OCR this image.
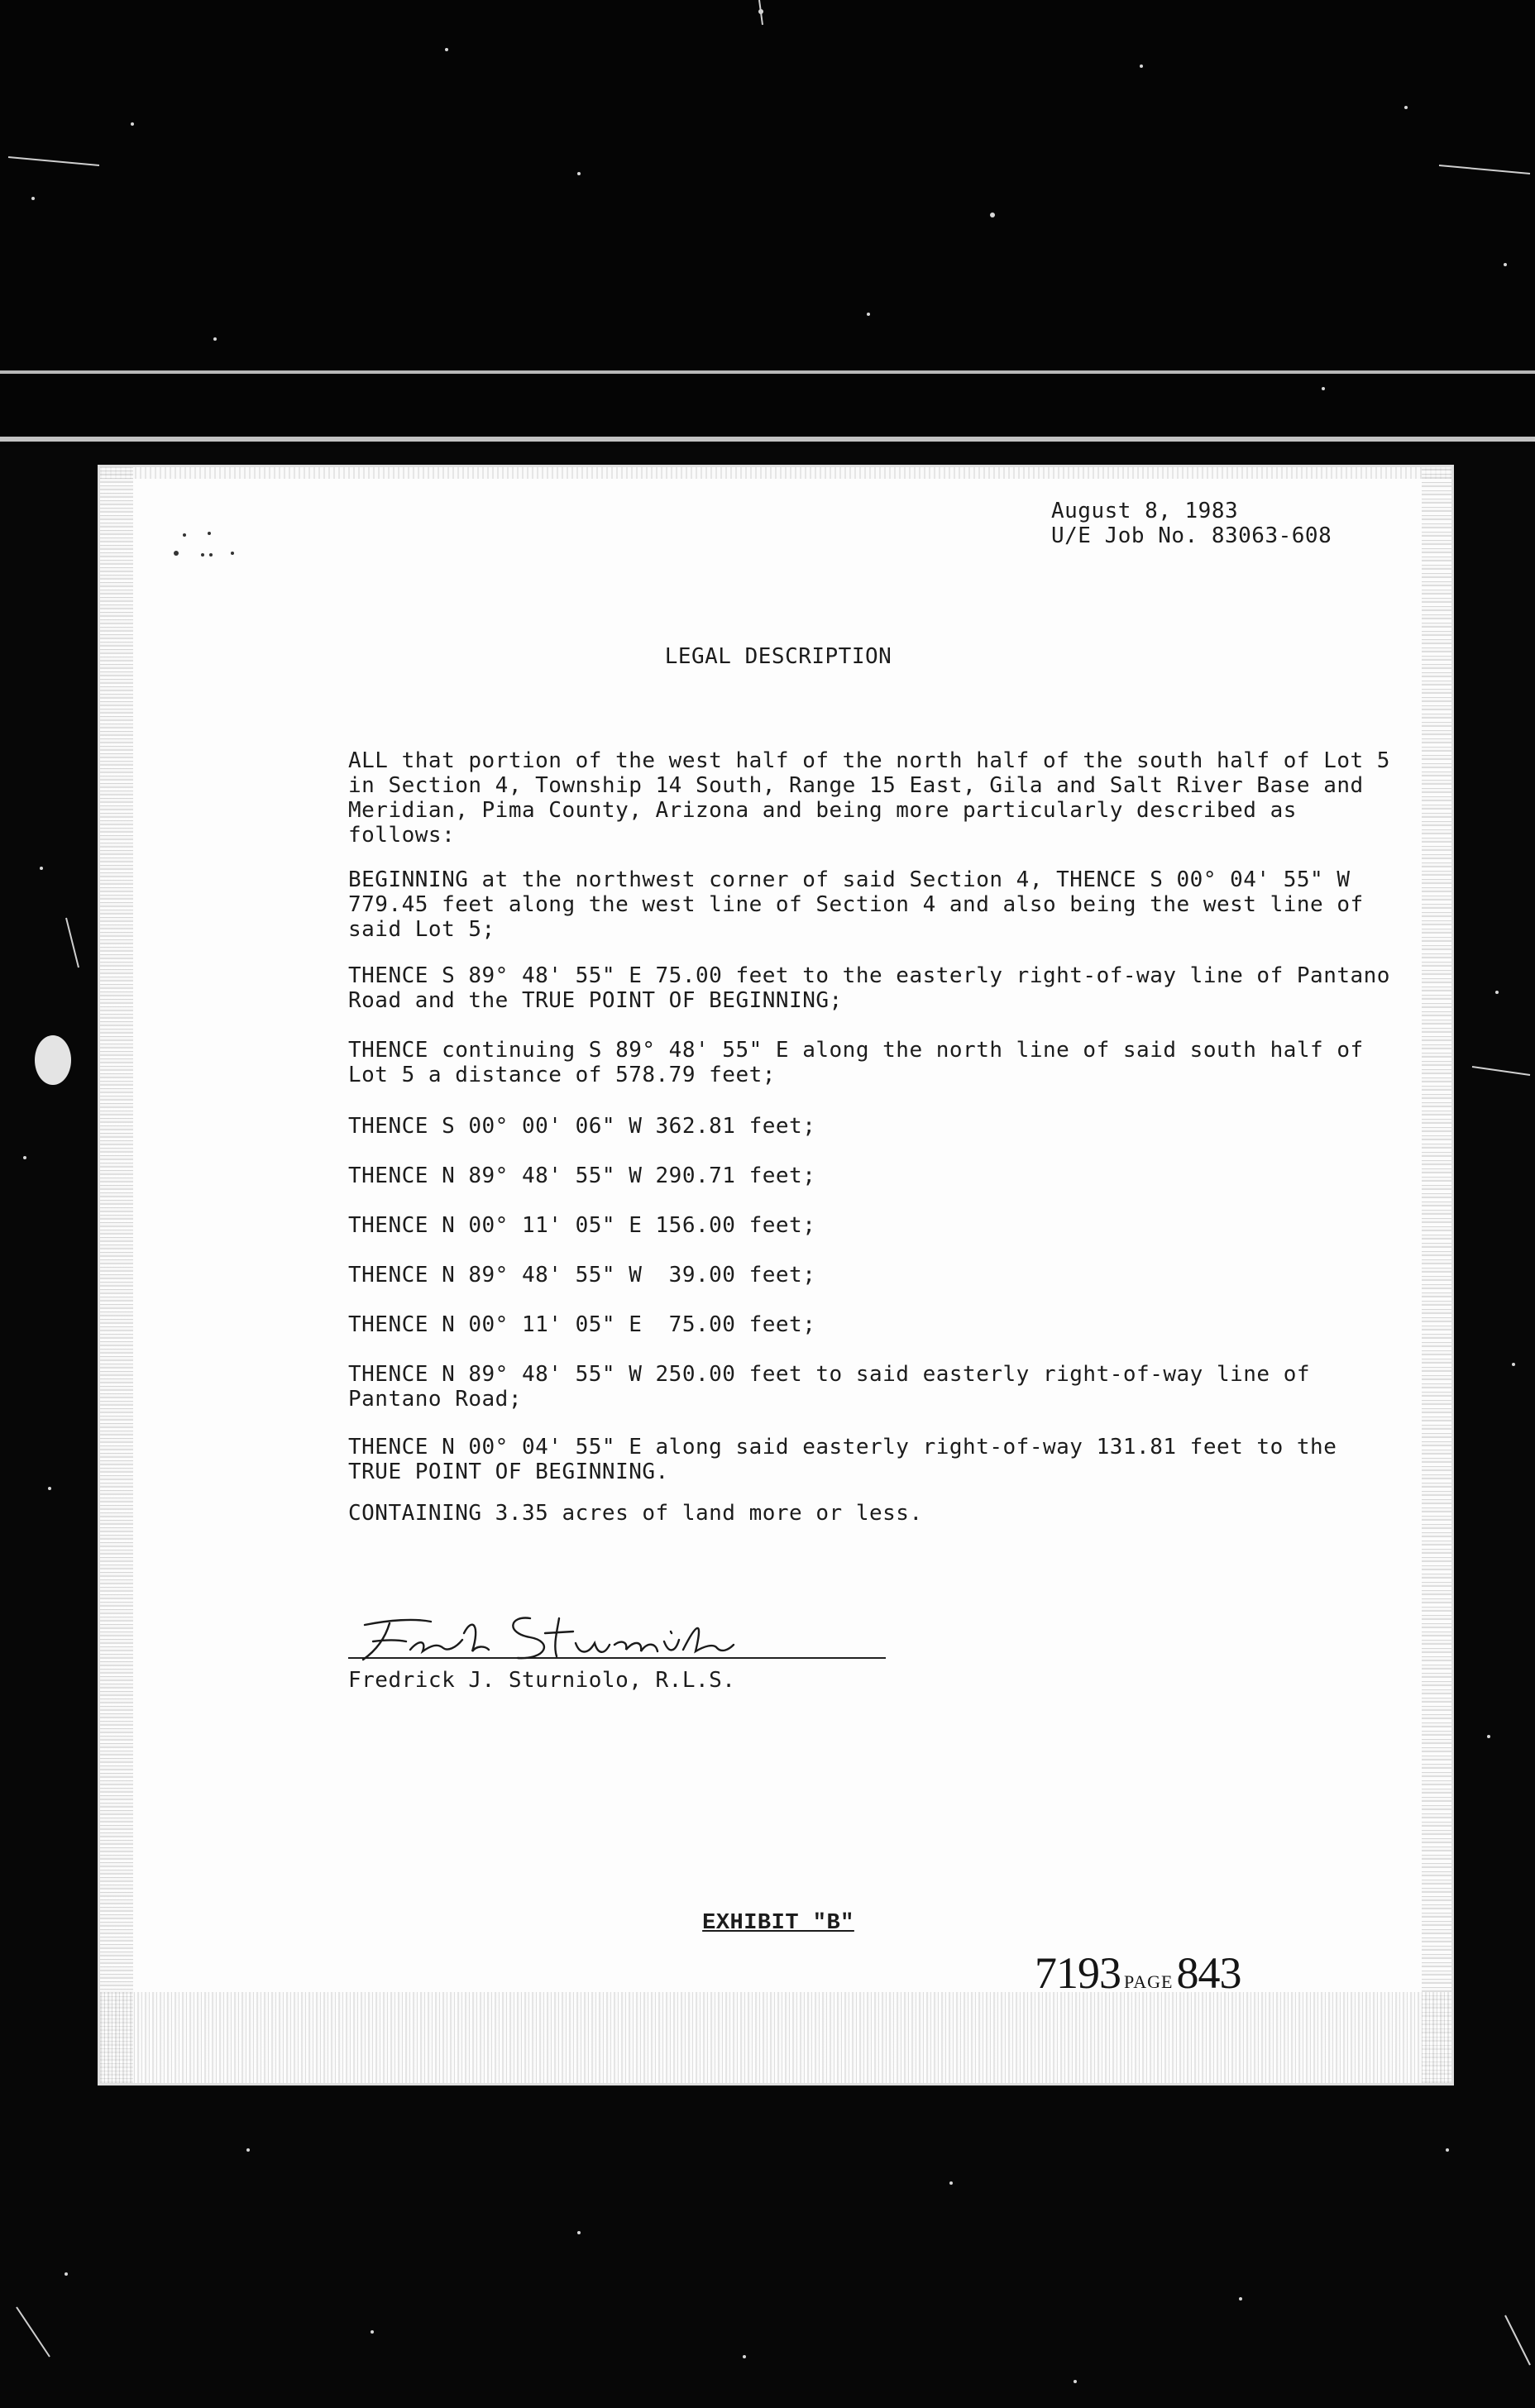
August 8, 1983
U/E Job No. 83063-608
LEGAL DESCRIPTION
ALL that portion of the west half of the north half of the south half of Lot 5 in Section 4, Township 14 South, Range 15 East, Gila and Salt River Base and Meridian, Pima County, Arizona and being more particularly described as follows:
BEGINNING at the northwest corner of said Section 4, THENCE S 00° 04' 55" W 779.45 feet along the west line of Section 4 and also being the west line of said Lot 5;
THENCE S 89° 48' 55" E 75.00 feet to the easterly right-of-way line of Pantano Road and the TRUE POINT OF BEGINNING;
THENCE continuing S 89° 48' 55" E along the north line of said south half of Lot 5 a distance of 578.79 feet;
THENCE S 00° 00' 06" W 362.81 feet;
THENCE N 89° 48' 55" W 290.71 feet;
THENCE N 00° 11' 05" E 156.00 feet;
THENCE N 89° 48' 55" W  39.00 feet;
THENCE N 00° 11' 05" E  75.00 feet;
THENCE N 89° 48' 55" W 250.00 feet to said easterly right-of-way line of Pantano Road;
THENCE N 00° 04' 55" E along said easterly right-of-way 131.81 feet to the TRUE POINT OF BEGINNING.
CONTAINING 3.35 acres of land more or less.
Fredrick J. Sturniolo, R.L.S.
EXHIBIT "B"
7193 PAGE843
